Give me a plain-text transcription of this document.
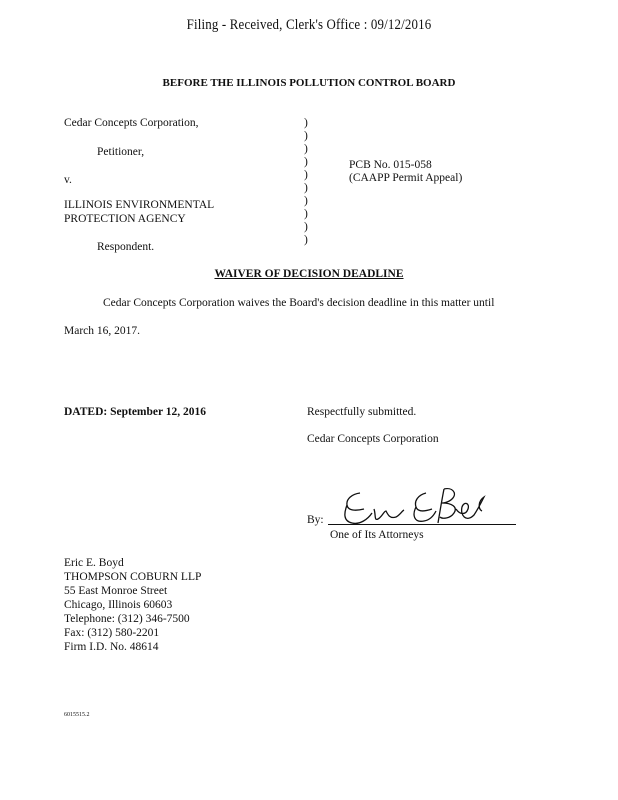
Filing - Received, Clerk's Office : 09/12/2016
BEFORE THE ILLINOIS POLLUTION CONTROL BOARD
Cedar Concepts Corporation,
Petitioner,
v.
ILLINOIS ENVIRONMENTAL
PROTECTION AGENCY
Respondent.
)
)
)
)
)
)
)
)
)
)
PCB No. 015-058
(CAAPP Permit Appeal)
WAIVER OF DECISION DEADLINE
Cedar Concepts Corporation waives the Board's decision deadline in this matter until
March 16, 2017.
DATED: September 12, 2016	Respectfully submitted.
Cedar Concepts Corporation
By:
One of Its Attorneys
Eric E. Boyd
THOMPSON COBURN LLP
55 East Monroe Street
Chicago, Illinois 60603
Telephone: (312) 346-7500
Fax: (312) 580-2201
Firm I.D. No. 48614
6015515.2
